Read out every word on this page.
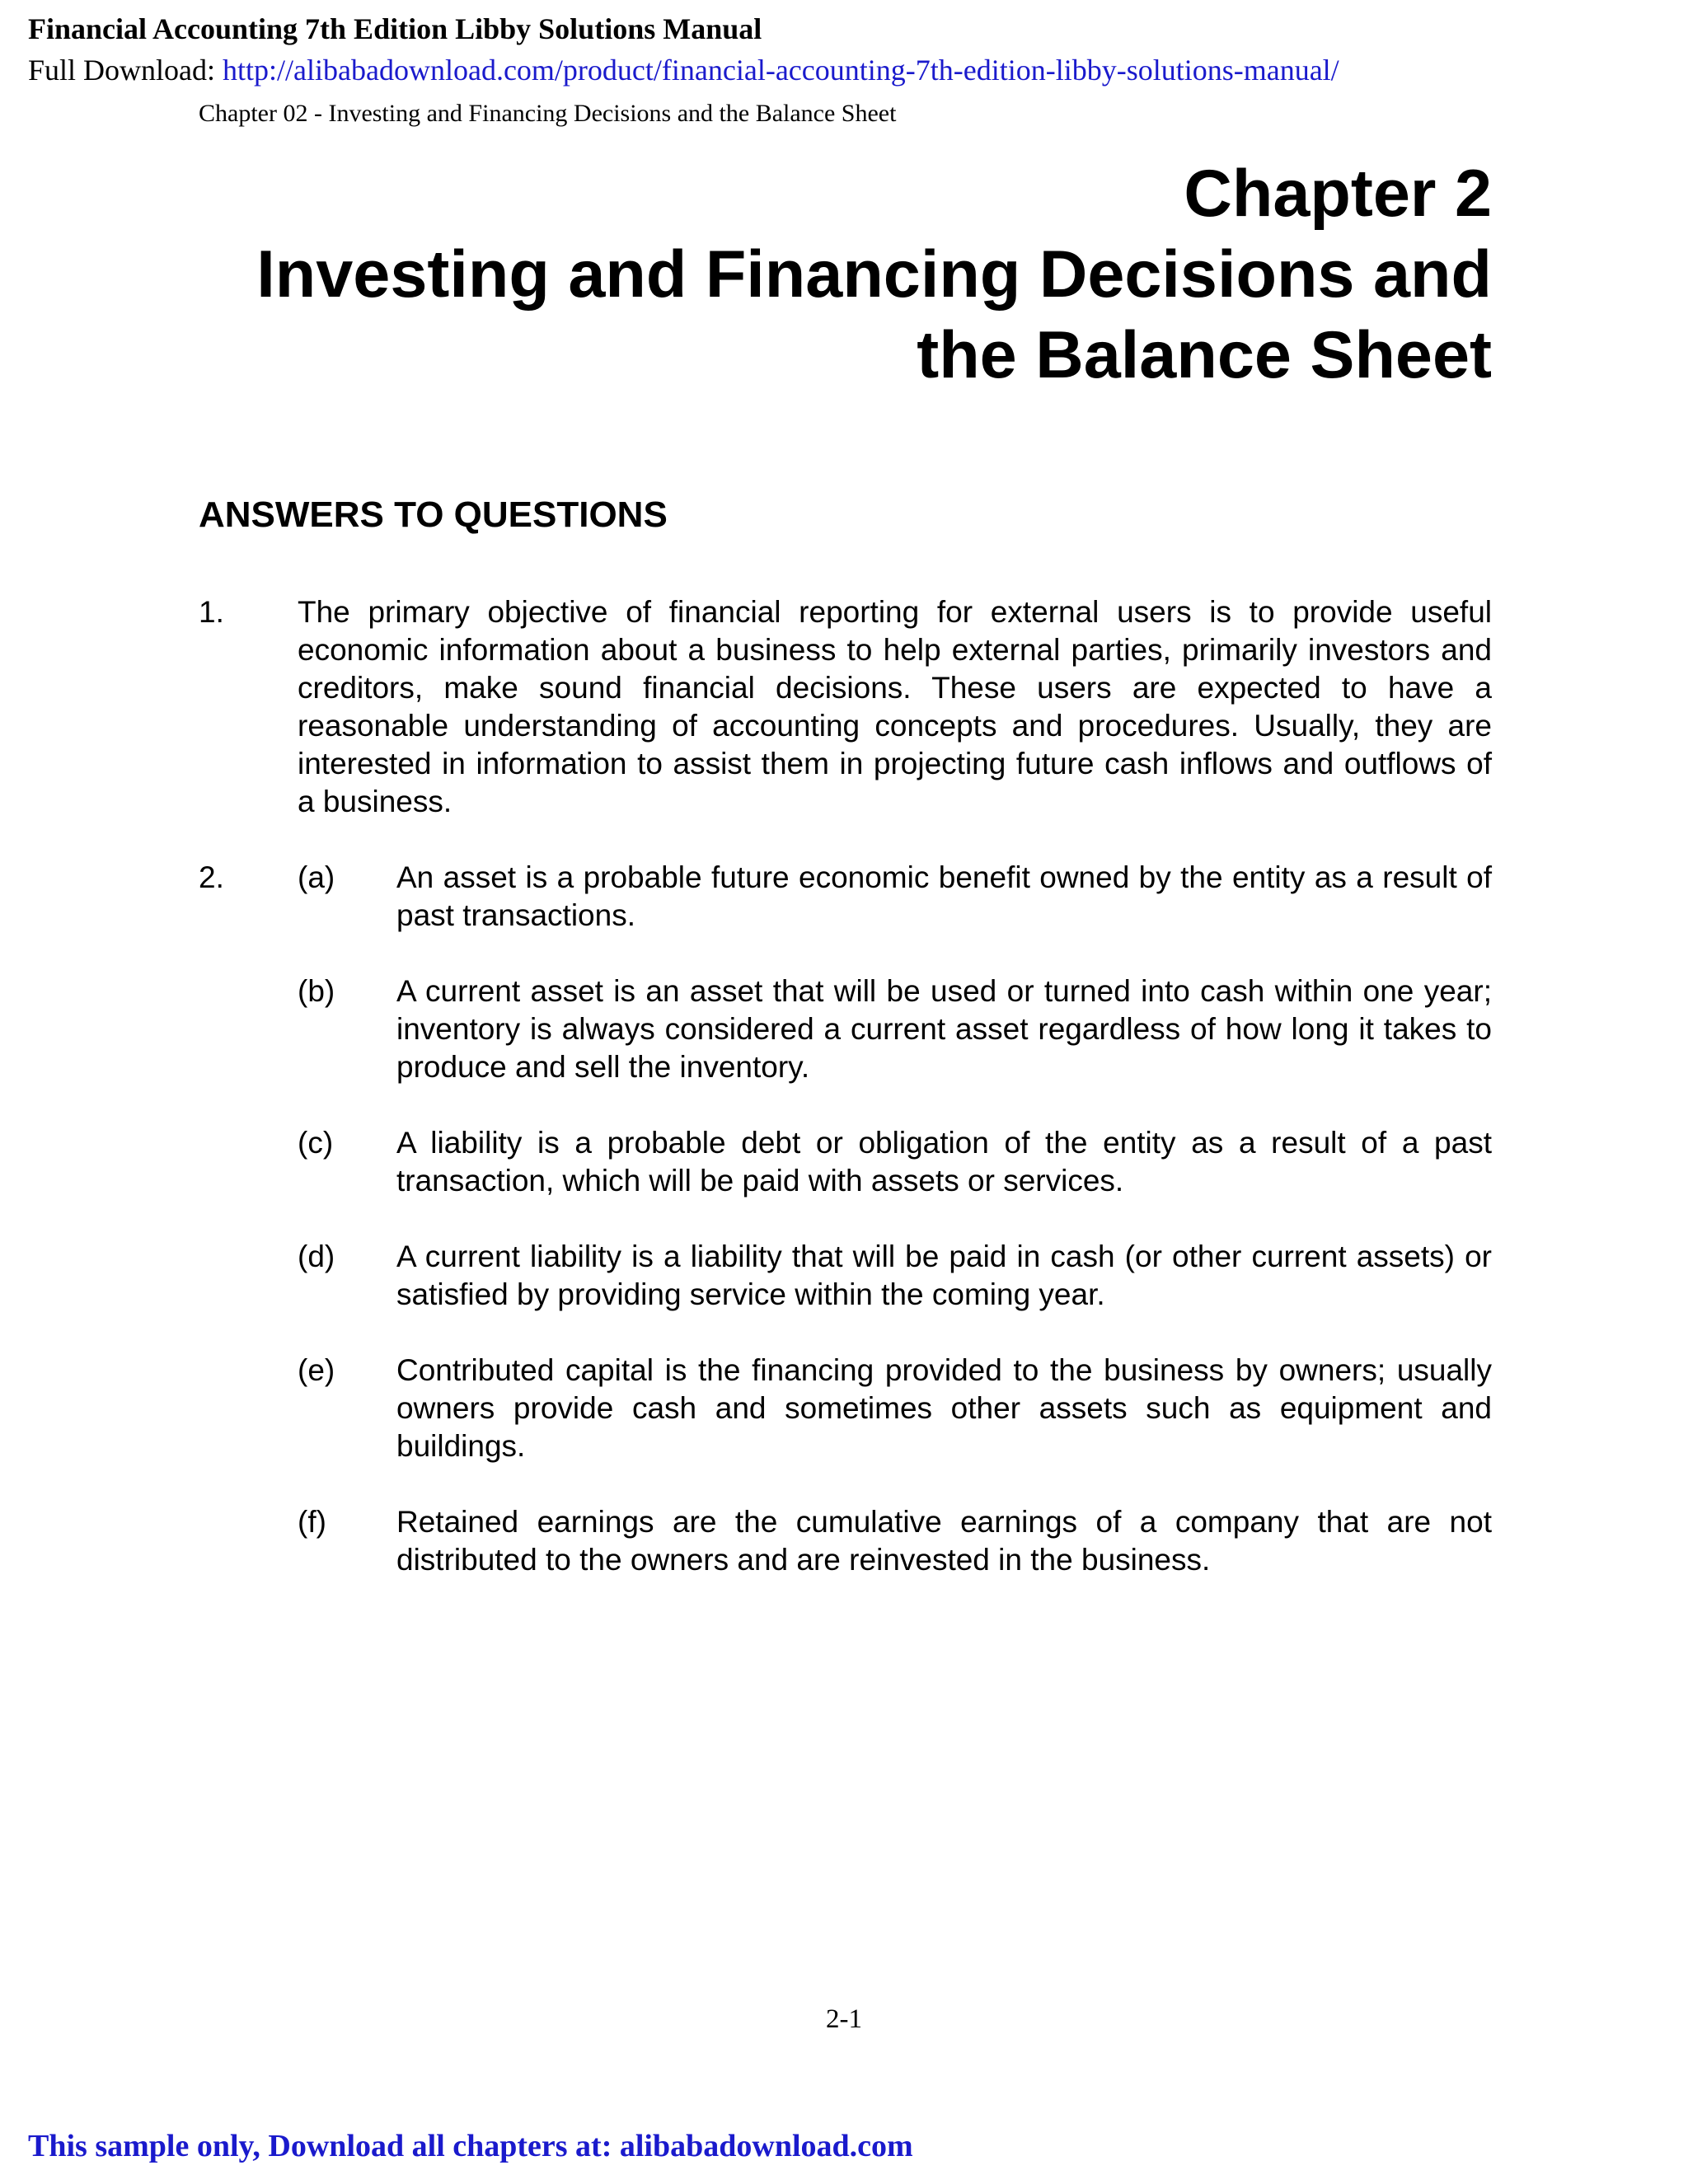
Financial Accounting 7th Edition Libby Solutions Manual
Full Download: http://alibabadownload.com/product/financial-accounting-7th-edition-libby-solutions-manual/
Chapter 02 - Investing and Financing Decisions and the Balance Sheet
Chapter 2
Investing and Financing Decisions and
the Balance Sheet
ANSWERS TO QUESTIONS
1.	The primary objective of financial reporting for external users is to provide useful economic information about a business to help external parties, primarily investors and creditors, make sound financial decisions. These users are expected to have a reasonable understanding of accounting concepts and procedures. Usually, they are interested in information to assist them in projecting future cash inflows and outflows of a business.
2.	(a)	An asset is a probable future economic benefit owned by the entity as a result of past transactions.
(b)	A current asset is an asset that will be used or turned into cash within one year; inventory is always considered a current asset regardless of how long it takes to produce and sell the inventory.
(c)	A liability is a probable debt or obligation of the entity as a result of a past transaction, which will be paid with assets or services.
(d)	A current liability is a liability that will be paid in cash (or other current assets) or satisfied by providing service within the coming year.
(e)	Contributed capital is the financing provided to the business by owners; usually owners provide cash and sometimes other assets such as equipment and buildings.
(f)	Retained earnings are the cumulative earnings of a company that are not distributed to the owners and are reinvested in the business.
2-1
This sample only, Download all chapters at: alibabadownload.com
